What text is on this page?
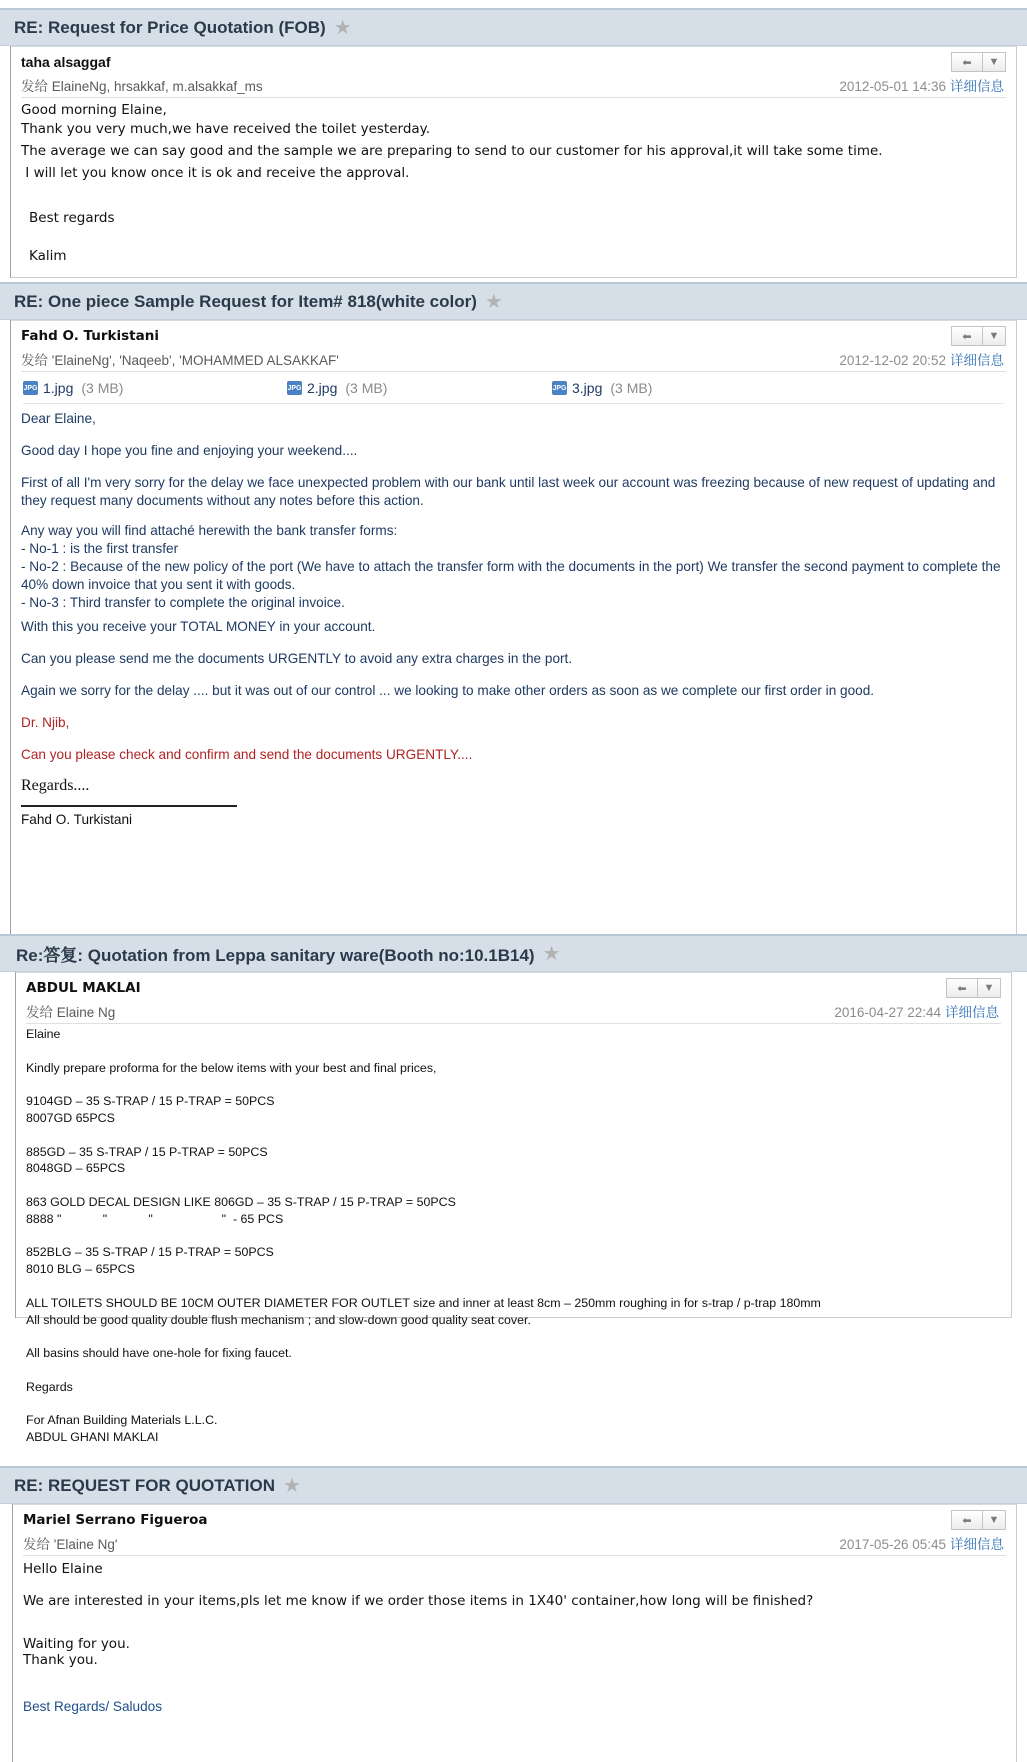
RE: Request for Price Quotation (FOB) ★
taha alsaggaf
发给 ElaineNg, hrsakkaf, m.alsakkaf_ms
⬅ ▼
2012-05-01 14:36 详细信息
Good morning Elaine,
Thank you very much,we have received the toilet yesterday.
The average we can say good and the sample we are preparing to send to our customer for his approval,it will take some time.
I will let you know once it is ok and receive the approval.
Best regards
Kalim
RE: One piece Sample Request for Item# 818(white color) ★
Fahd O. Turkistani
发给 'ElaineNg', 'Naqeeb', 'MOHAMMED ALSAKKAF'
⬅ ▼
2012-12-02 20:52 详细信息
JPG 1.jpg (3 MB)	JPG 2.jpg (3 MB)	JPG 3.jpg (3 MB)
Dear Elaine,
Good day I hope you fine and enjoying your weekend....
First of all I'm very sorry for the delay we face unexpected problem with our bank until last week our account was freezing because of new request of updating and they request many documents without any notes before this action.
Any way you will find attaché herewith the bank transfer forms:
- No-1 : is the first transfer
- No-2 : Because of the new policy of the port (We have to attach the transfer form with the documents in the port) We transfer the second payment to complete the 40% down invoice that you sent it with goods.
- No-3 : Third transfer to complete the original invoice.
With this you receive your TOTAL MONEY in your account.
Can you please send me the documents URGENTLY to avoid any extra charges in the port.
Again we sorry for the delay .... but it was out of our control ... we looking to make other orders as soon as we complete our first order in good.
Dr. Njib,
Can you please check and confirm and send the documents URGENTLY....
Regards....
Fahd O. Turkistani
Re:答复: Quotation from Leppa sanitary ware(Booth no:10.1B14) ★
ABDUL MAKLAI
发给 Elaine Ng
⬅ ▼
2016-04-27 22:44 详细信息
Elaine

Kindly prepare proforma for the below items with your best and final prices,

9104GD – 35 S-TRAP / 15 P-TRAP = 50PCS
8007GD 65PCS

885GD – 35 S-TRAP / 15 P-TRAP = 50PCS
8048GD – 65PCS

863 GOLD DECAL DESIGN LIKE 806GD – 35 S-TRAP / 15 P-TRAP = 50PCS
8888 "            "            "                    "  - 65 PCS

852BLG – 35 S-TRAP / 15 P-TRAP = 50PCS
8010 BLG – 65PCS

ALL TOILETS SHOULD BE 10CM OUTER DIAMETER FOR OUTLET size and inner at least 8cm – 250mm roughing in for s-trap / p-trap 180mm
All should be good quality double flush mechanism ; and slow-down good quality seat cover.

All basins should have one-hole for fixing faucet.

Regards

For Afnan Building Materials L.L.C.
ABDUL GHANI MAKLAI
RE: REQUEST FOR QUOTATION ★
Mariel Serrano Figueroa
发给 'Elaine Ng'
⬅ ▼
2017-05-26 05:45 详细信息
Hello Elaine
We are interested in your items,pls let me know if we order those items in 1X40' container,how long will be finished?
Waiting for you.
Thank you.
Best Regards/ Saludos
